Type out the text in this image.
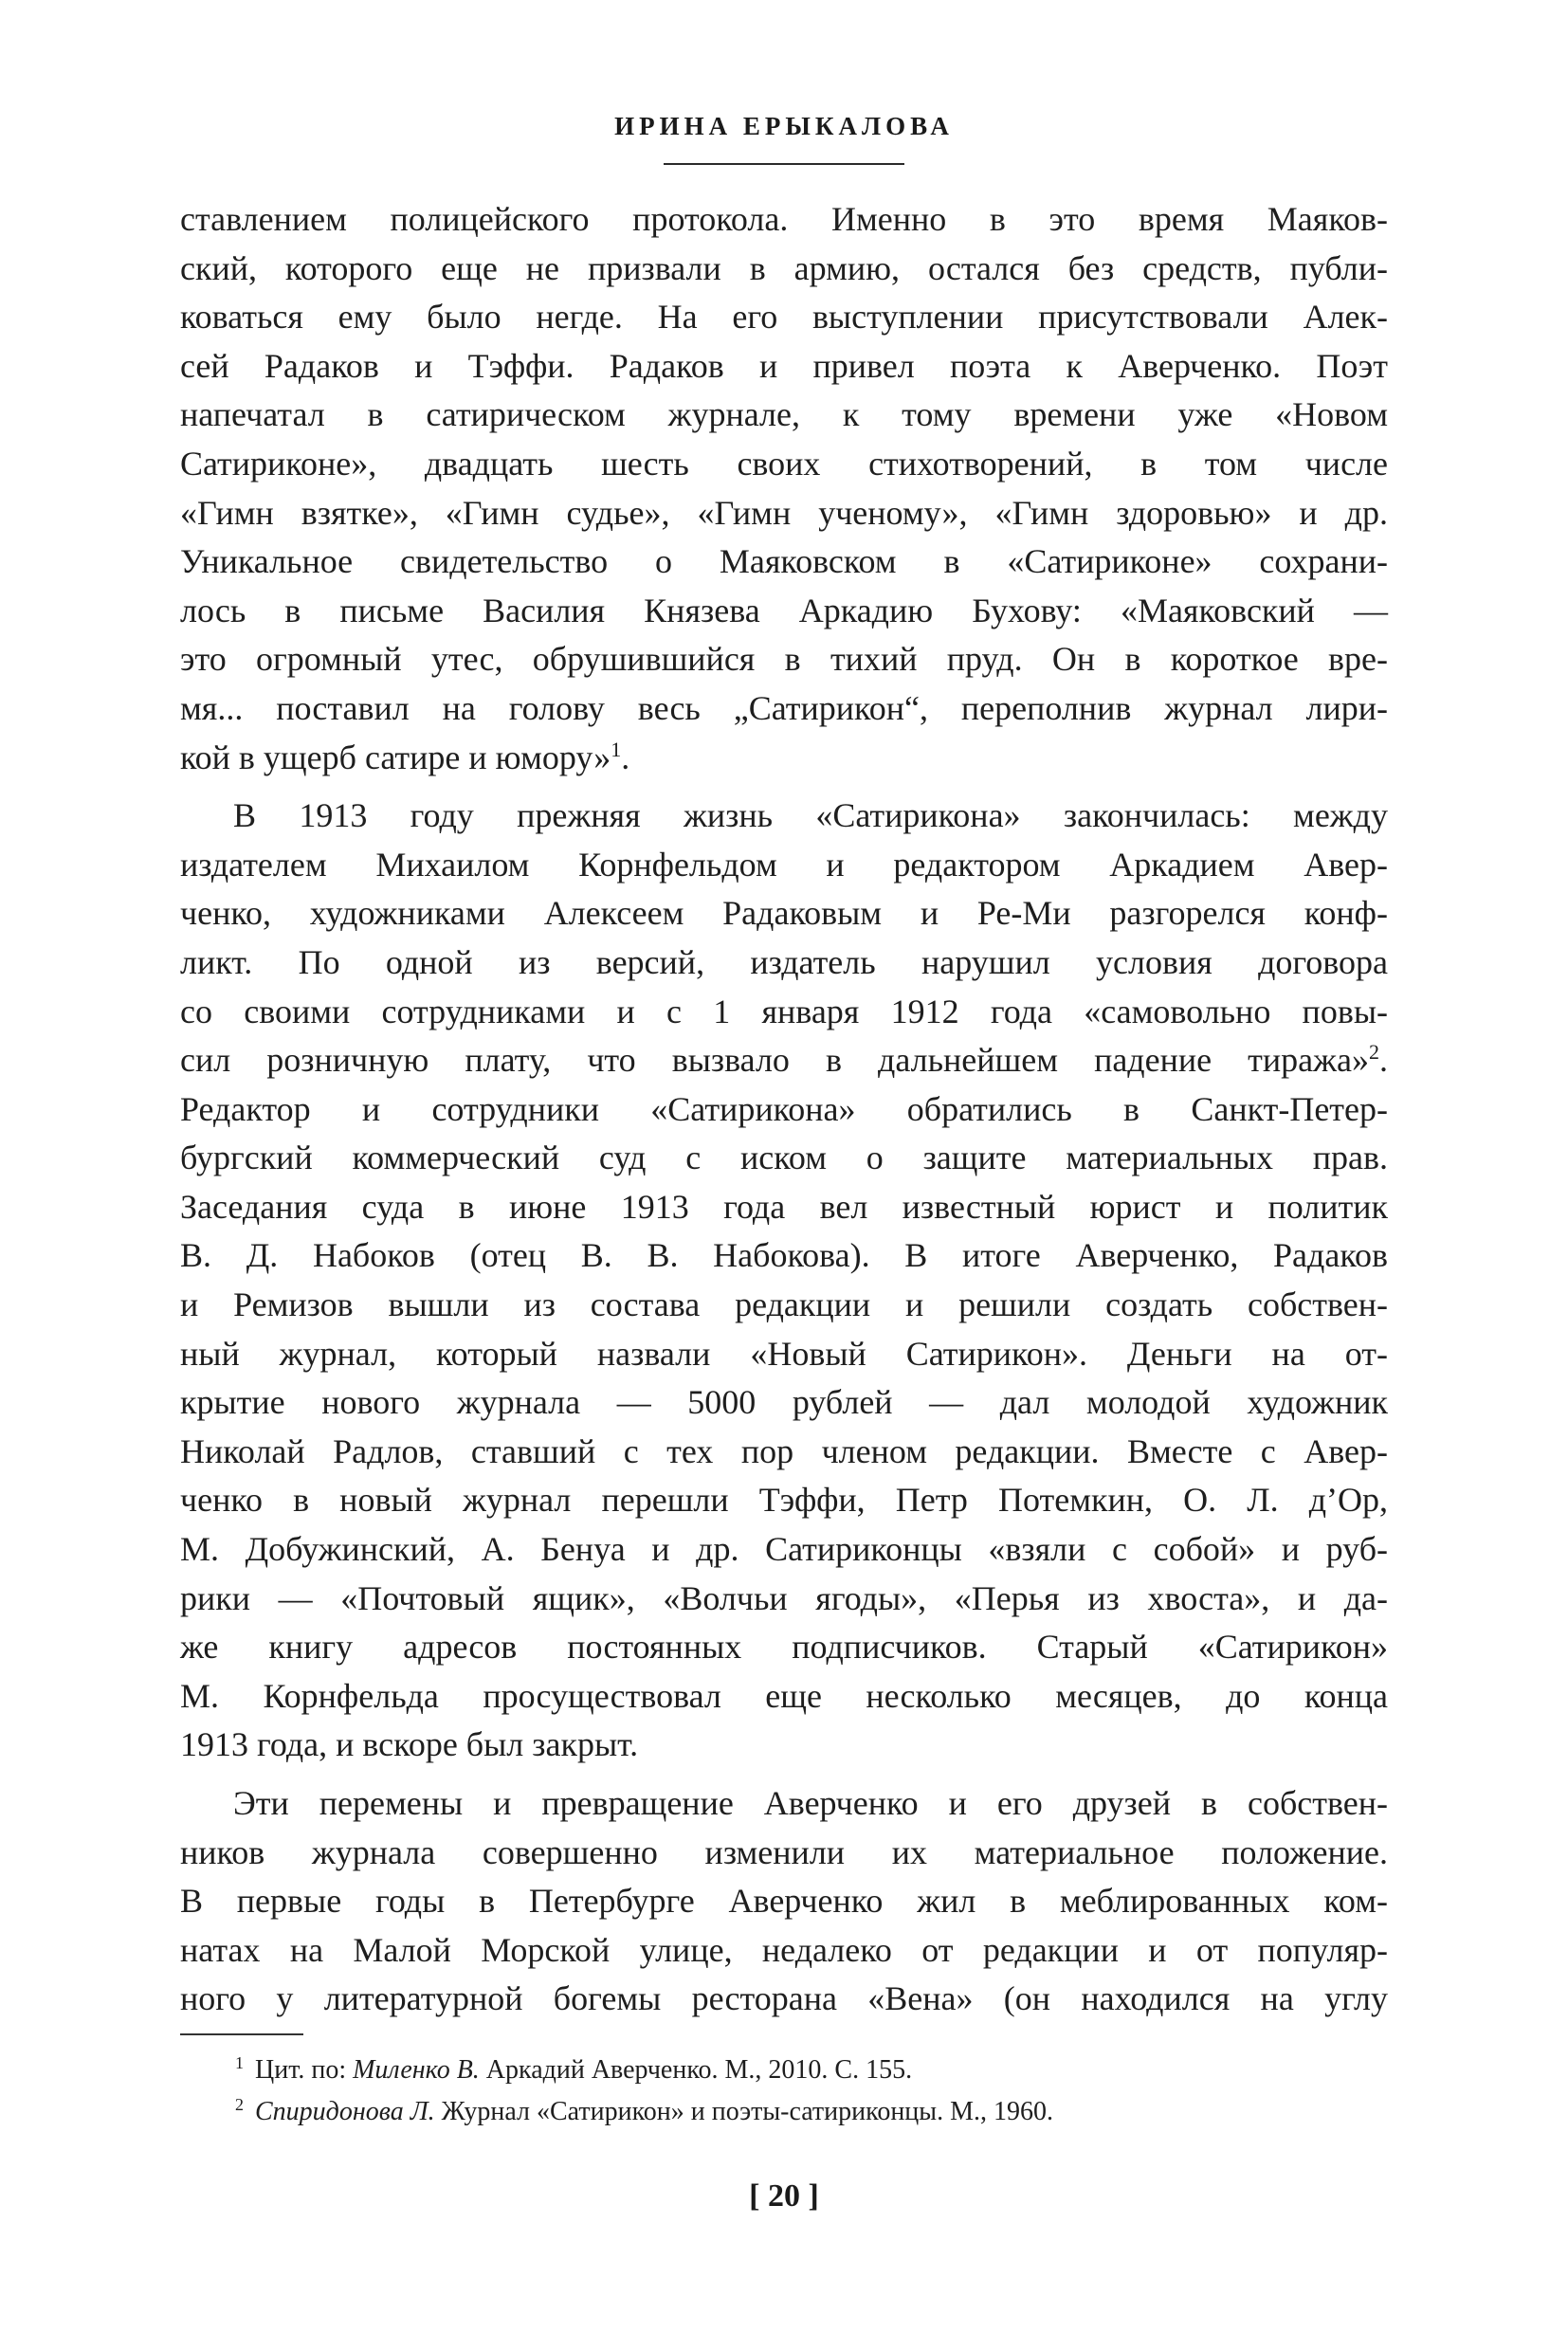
ИРИНА ЕРЫКАЛОВА
ставлением полицейского протокола. Именно в это время Маяков-
ский, которого еще не призвали в армию, остался без средств, публи-
коваться ему было негде. На его выступлении присутствовали Алек-
сей Радаков и Тэффи. Радаков и привел поэта к Аверченко. Поэт
напечатал в сатирическом журнале, к тому времени уже «Новом
Сатириконе», двадцать шесть своих стихотворений, в том числе
«Гимн взятке», «Гимн судье», «Гимн ученому», «Гимн здоровью» и др.
Уникальное свидетельство о Маяковском в «Сатириконе» сохрани-
лось в письме Василия Князева Аркадию Бухову: «Маяковский —
это огромный утес, обрушившийся в тихий пруд. Он в короткое вре-
мя... поставил на голову весь „Сатирикон“, переполнив журнал лири-
кой в ущерб сатире и юмору»$^1$.
В 1913 году прежняя жизнь «Сатирикона» закончилась: между
издателем Михаилом Корнфельдом и редактором Аркадием Авер-
ченко, художниками Алексеем Радаковым и Ре-Ми разгорелся конф-
ликт. По одной из версий, издатель нарушил условия договора
со своими сотрудниками и с 1 января 1912 года «самовольно повы-
сил розничную плату, что вызвало в дальнейшем падение тиража»$^2$.
Редактор и сотрудники «Сатирикона» обратились в Санкт-Петер-
бургский коммерческий суд с иском о защите материальных прав.
Заседания суда в июне 1913 года вел известный юрист и политик
В. Д. Набоков (отец В. В. Набокова). В итоге Аверченко, Радаков
и Ремизов вышли из состава редакции и решили создать собствен-
ный журнал, который назвали «Новый Сатирикон». Деньги на от-
крытие нового журнала — 5000 рублей — дал молодой художник
Николай Радлов, ставший с тех пор членом редакции. Вместе с Авер-
ченко в новый журнал перешли Тэффи, Петр Потемкин, О. Л. д’Ор,
М. Добужинский, А. Бенуа и др. Сатириконцы «взяли с собой» и руб-
рики — «Почтовый ящик», «Волчьи ягоды», «Перья из хвоста», и да-
же книгу адресов постоянных подписчиков. Старый «Сатирикон»
М. Корнфельда просуществовал еще несколько месяцев, до конца
1913 года, и вскоре был закрыт.
Эти перемены и превращение Аверченко и его друзей в собствен-
ников журнала совершенно изменили их материальное положение.
В первые годы в Петербурге Аверченко жил в меблированных ком-
натах на Малой Морской улице, недалеко от редакции и от популяр-
ного у литературной богемы ресторана «Вена» (он находился на углу
$^1$ Цит. по: Миленко В. Аркадий Аверченко. М., 2010. С. 155.
$^2$ Спиридонова Л. Журнал «Сатирикон» и поэты-сатириконцы. М., 1960.
[ 20 ]
